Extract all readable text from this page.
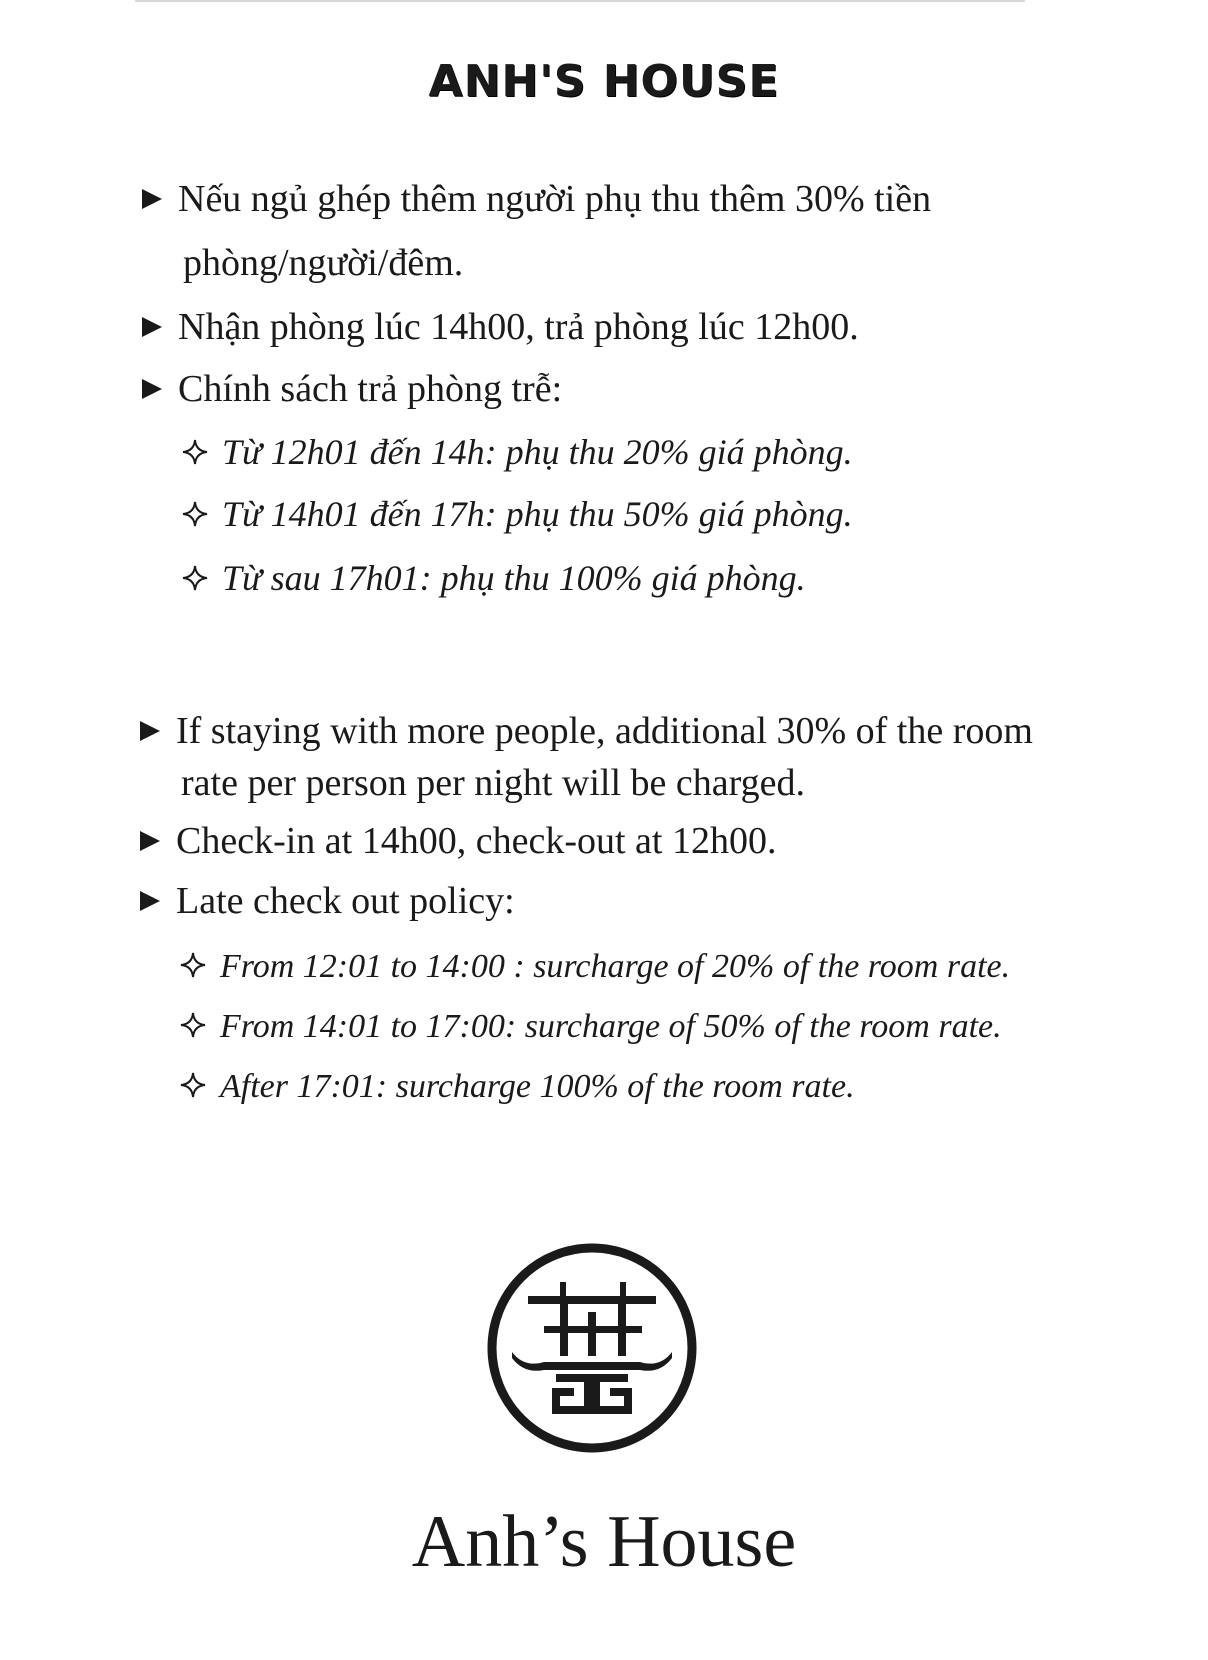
ANH'S HOUSE
Nếu ngủ ghép thêm người phụ thu thêm 30% tiền
phòng/người/đêm.
Nhận phòng lúc 14h00, trả phòng lúc 12h00.
Chính sách trả phòng trễ:
Từ 12h01 đến 14h: phụ thu 20% giá phòng.
Từ 14h01 đến 17h: phụ thu 50% giá phòng.
Từ sau 17h01: phụ thu 100% giá phòng.
If staying with more people, additional 30% of the room
rate per person per night will be charged.
Check-in at 14h00, check-out at 12h00.
Late check out policy:
From 12:01 to 14:00 : surcharge of 20% of the room rate.
From 14:01 to 17:00: surcharge of 50% of the room rate.
After 17:01: surcharge 100% of the room rate.
Anh’s House
